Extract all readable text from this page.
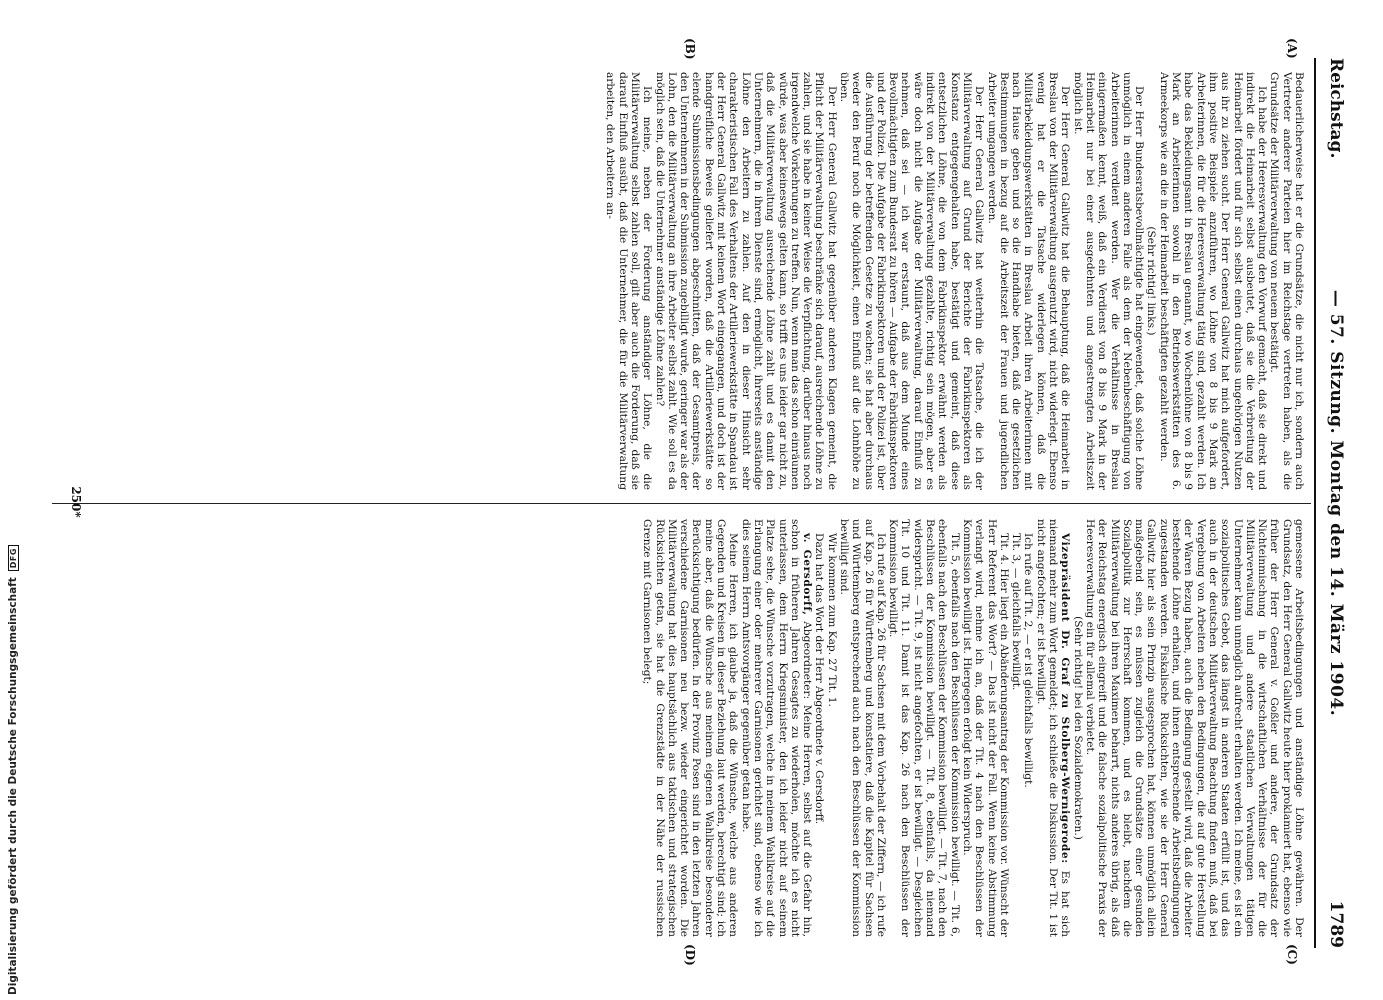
Reichstag.
— 57. Sitzung. Montag den 14. März 1904.
1789
(A)
(B)
(C)
(D)

Bedauerlicherweise hat er die Grundsätze, die nicht nur ich, sondern auch Vertreter anderer Parteien hier im Reichstage vertreten haben, als die Grundsätze der Militärverwaltung von neuem bestätigt.

Ich habe der Heeresverwaltung den Vorwurf gemacht, daß sie direkt und indirekt die Heimarbeit selbst ausbeutet, daß sie die Verbreitung der Heimarbeit fördert und für sich selbst einen durchaus ungehörigen Nutzen aus ihr zu ziehen sucht. Der Herr General Gallwitz hat mich aufgefordert, ihm positive Beispiele anzuführen, wo Löhne von 8 bis 9 Mark an Arbeiterinnen, die für die Heeresverwaltung tätig sind, gezahlt werden. Ich habe das Bekleidungsamt in Breslau genannt, wo Wochenlöhne von 8 bis 9 Mark an Arbeiterinnen sowohl in den Betriebswerkstätten des 6. Armeekorps wie an die in der Heimarbeit beschäftigten gezahlt werden.

(Sehr richtig! links.)

Der Herr Bundesratsbevollmächtigte hat eingewendet, daß solche Löhne unmöglich in einem anderen Falle als dem der Nebenbeschäftigung von Arbeiterinnen verdient werden. Wer die Verhältnisse in Breslau einigermaßen kennt, weiß, daß ein Verdienst von 8 bis 9 Mark in der Heimarbeit nur bei einer ausgedehnten und angestrengten Arbeitszeit möglich ist.

Der Herr General Gallwitz hat die Behauptung, daß die Heimarbeit in Breslau von der Militärverwaltung ausgenutzt wird, nicht widerlegt. Ebenso wenig hat er die Tatsache widerlegen können, daß die Militärbekleidungswerkstätten in Breslau Arbeit ihren Arbeiterinnen mit nach Hause geben und so die Handhabe bieten, daß die gesetzlichen Bestimmungen in bezug auf die Arbeitszeit der Frauen und jugendlichen Arbeiter umgangen werden.

Der Herr General Gallwitz hat weiterhin die Tatsache, die ich der Militärverwaltung auf Grund der Berichte der Fabrikinspektoren als Konstanz entgegengehalten habe, bestätigt und gemeint, daß diese entsetzlichen Löhne, die von dem Fabrikinspektor erwähnt werden als indirekt von der Militärverwaltung gezahlte, richtig sein mögen, aber es wäre doch nicht die Aufgabe der Militärverwaltung, darauf Einfluß zu nehmen, daß sei — ich war erstaunt, daß aus dem Munde eines Bevollmächtigten zum Bundesrat zu hören — Aufgabe der Fabrikinspektoren und der Polizei. Die Aufgabe der Fabrikinspektoren und der Polizei ist, über die Ausführung der betreffenden Gesetze zu wachen; sie hat aber durchaus weder den Beruf noch die Möglichkeit, einen Einfluß auf die Lohnhöhe zu üben.

Der Herr General Gallwitz hat gegenüber anderen Klagen gemeint, die Pflicht der Militärverwaltung beschränke sich darauf, ausreichende Löhne zu zahlen, und sie habe in keiner Weise die Verpflichtung, darüber hinaus noch irgendwelche Vorkehrungen zu treffen. Nun, wenn man das schon einräumen würde, was aber keineswegs gelten kann, so trifft es uns leider gar nicht zu, daß die Militärverwaltung ausreichende Löhne zahlt und es damit den Unternehmern, die in ihrem Dienste sind, ermöglicht, ihrerseits anständige Löhne den Arbeitern zu zahlen. Auf den in dieser Hinsicht sehr charakteristischen Fall des Verhaltens der Artilleriewerkstätte in Spandau ist der Herr General Gallwitz mit keinem Wort eingegangen, und doch ist der handgreifliche Beweis geliefert worden, daß die Artilleriewerkstätte so elende Submissionsbedingungen abgeschnitten, daß der Gesamtpreis, der den Unternehmern in der Submission zugebilligt wurde, geringer war als der Lohn, den die Militärverwaltung an ihre Arbeiter selbst zahlt. Wie soll es da möglich sein, daß die Unternehmer anständige Löhne zahlen?

Ich meine, neben der Forderung anständiger Löhne, die die Militärverwaltung selbst zahlen soll, gilt aber auch die Forderung, daß sie darauf Einfluß ausübt, daß die Unternehmer, die für die Militärverwaltung arbeiten, den Arbeitern an-

gemessene Arbeitsbedingungen und anständige Löhne gewähren. Der Grundsatz, den Herr General Gallwitz heute hier proklamiert hat, ebenso wie früher der Herr General v. Goßler und andere, der Grundsatz der Nichteinmischung in die wirtschaftlichen Verhältnisse der für die Militärverwaltung und andere staatlichen Verwaltungen tätigen Unternehmer kann unmöglich aufrecht erhalten werden. Ich meine, es ist ein sozialpolitisches Gebot, das längst in anderen Staaten erfüllt ist, und das auch in der deutschen Militärverwaltung Beachtung finden muß, daß bei Vergebung von Arbeiten neben den Bedingungen, die auf gute Herstellung der Waren Bezug haben, auch die Bedingung gestellt wird, daß die Arbeiter bestehende Löhne erhalten, und ihnen entsprechende Arbeitsbedingungen zugestanden werden. Fiskalische Rücksichten, wie sie der Herr General Gallwitz hier als sein Prinzip ausgesprochen hat, können unmöglich allein maßgebend sein, es müssen zugleich die Grundsätze einer gesunden Sozialpolitik zur Herrschaft kommen, und es bleibt, nachdem die Militärverwaltung bei ihren Maximen beharrt, nichts anderes übrig, als daß der Reichstag energisch eingreift und die falsche sozialpolitische Praxis der Heeresverwaltung ein für allemal verbietet.

(Sehr richtig! bei den Sozialdemokraten.)

Vizepräsident Dr. Graf zu Stolberg-Wernigerode: Es hat sich niemand mehr zum Wort gemeldet; ich schließe die Diskussion. Der Tit. 1 ist nicht angefochten; er ist bewilligt.

Ich rufe auf Tit. 2, — er ist gleichfalls bewilligt.

Tit. 3, — gleichfalls bewilligt.

Tit. 4. Hier liegt ein Abänderungsantrag der Kommission vor. Wünscht der Herr Referent das Wort? — Das ist nicht der Fall. Wenn keine Abstimmung verlangt wird, nehme ich an, daß der Tit. 4 nach den Beschlüssen der Kommission bewilligt ist. Hiergegen erfolgt kein Widerspruch.

Tit. 5, ebenfalls nach den Beschlüssen der Kommission bewilligt. — Tit. 6, ebenfalls nach den Beschlüssen der Kommission bewilligt. — Tit. 7, nach den Beschlüssen der Kommission bewilligt. — Tit. 8, ebenfalls, da niemand widerspricht. — Tit. 9, ist nicht angefochten, er ist bewilligt. — Desgleichen Tit. 10 und Tit. 11. Damit ist das Kap. 26 nach den Beschlüssen der Kommission bewilligt.

Ich rufe auf Kap. 26 für Sachsen mit dem Vorbehalt der Ziffern, — ich rufe auf Kap. 26 für Württemberg und konstatiere, daß die Kapitel für Sachsen und Württemberg entsprechend auch nach den Beschlüssen der Kommission bewilligt sind.

Wir kommen zum Kap. 27 Tit. 1.

Dazu hat das Wort der Herr Abgeordnete v. Gersdorff.

v. Gersdorff, Abgeordneter: Meine Herren, selbst auf die Gefahr hin, schon in früheren Jahren Gesagtes zu wiederholen, möchte ich es nicht unterlassen, dem Herrn Kriegsminister, den ich leider nicht auf seinem Platze sehe, die Wünsche vorzutragen, welche in meinem Wahlkreise auf die Erlangung einer oder mehrerer Garnisonen gerichtet sind, ebenso wie ich dies seinem Herrn Amtsvorgänger gegenüber getan habe.

Meine Herren, ich glaube ja, daß die Wünsche, welche aus anderen Gegenden und Kreisen in dieser Beziehung laut werden, berechtigt sind; ich meine aber, daß die Wünsche aus meinem eigenen Wahlkreise besonderer Berücksichtigung bedürfen. In der Provinz Posen sind in den letzten Jahren verschiedene Garnisonen neu bezw. wieder eingerichtet worden. Die Militärverwaltung hat dies hauptsächlich aus taktischen und strategischen Rücksichten getan, sie hat die Grenzstädte in der Nähe der russischen Grenze mit Garnisonen belegt;

250*
Digitalisierung gefördert durch die Deutsche Forschungsgemeinschaft
DFG
